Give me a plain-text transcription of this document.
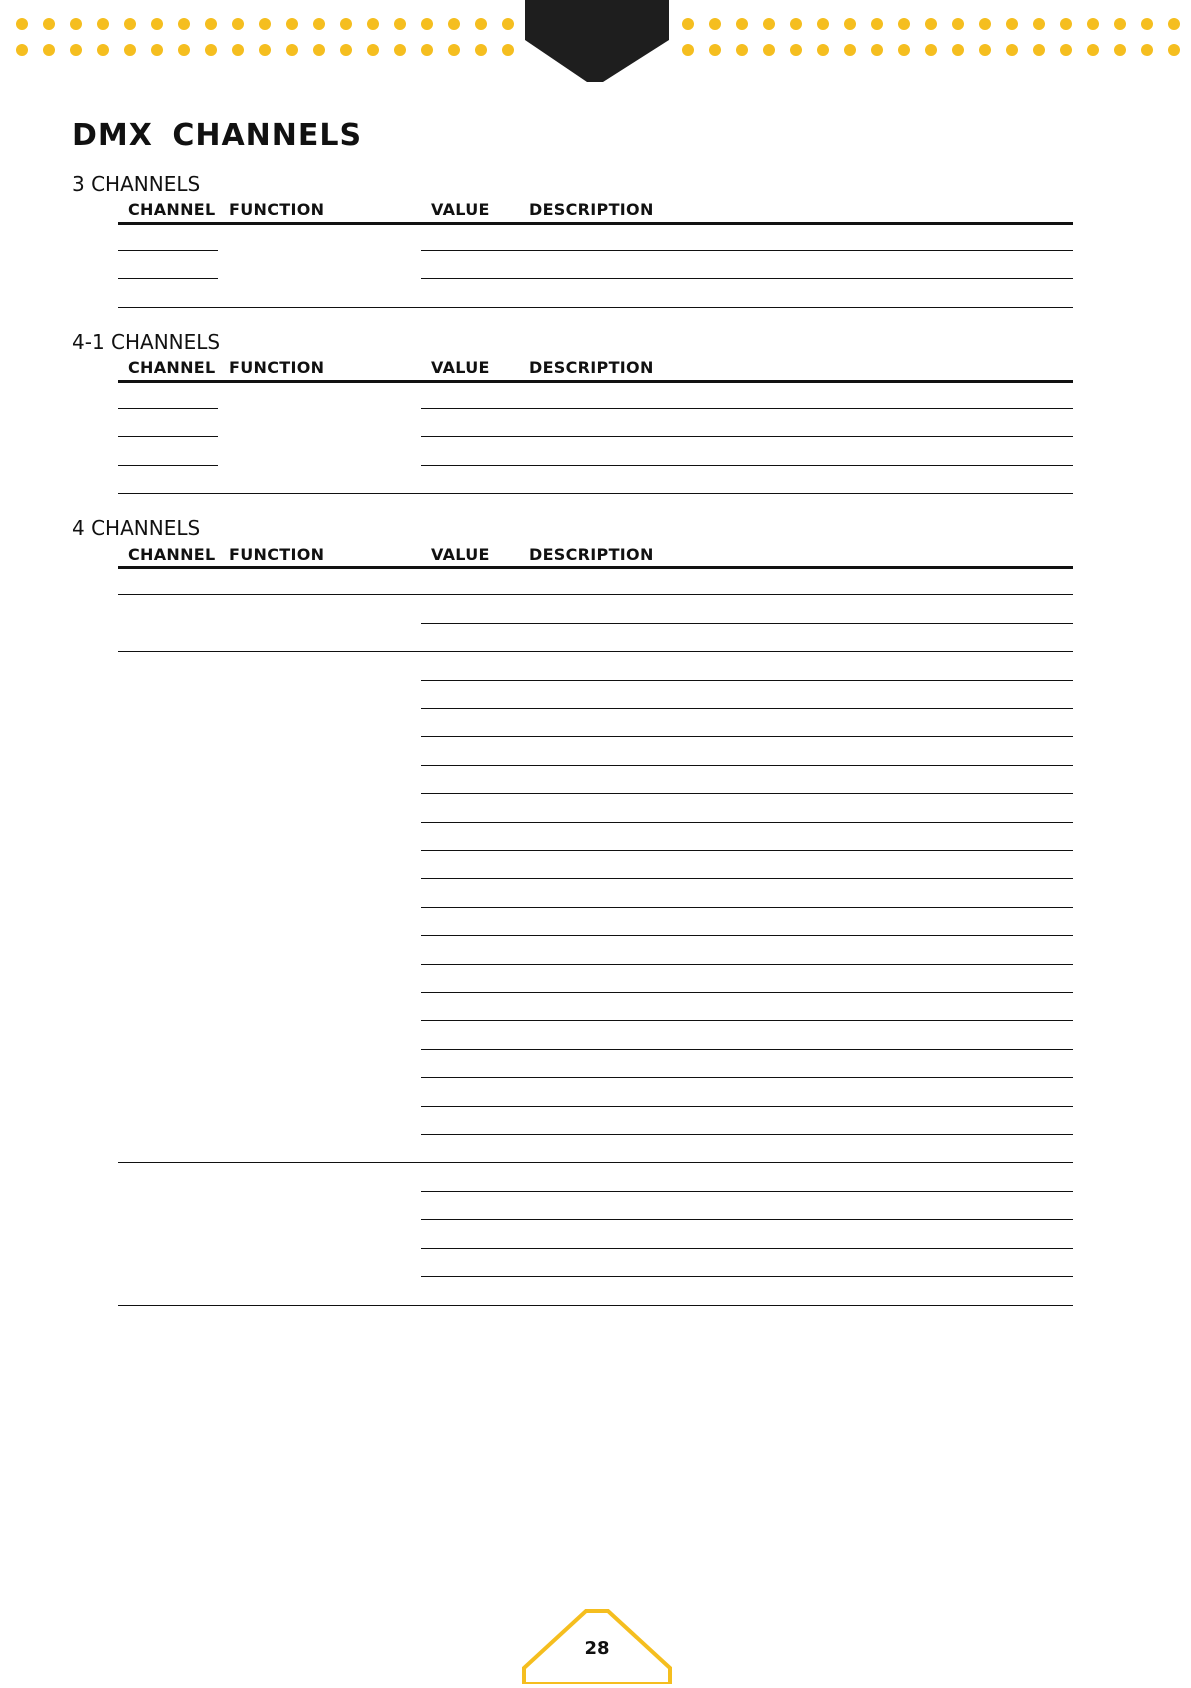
DMX CHANNELS
3 CHANNELS
CHANNEL FUNCTION	VALUE DESCRIPTION
4-1 CHANNELS
CHANNEL FUNCTION	VALUE DESCRIPTION
4 CHANNELS
CHANNEL FUNCTION	VALUE DESCRIPTION
28
